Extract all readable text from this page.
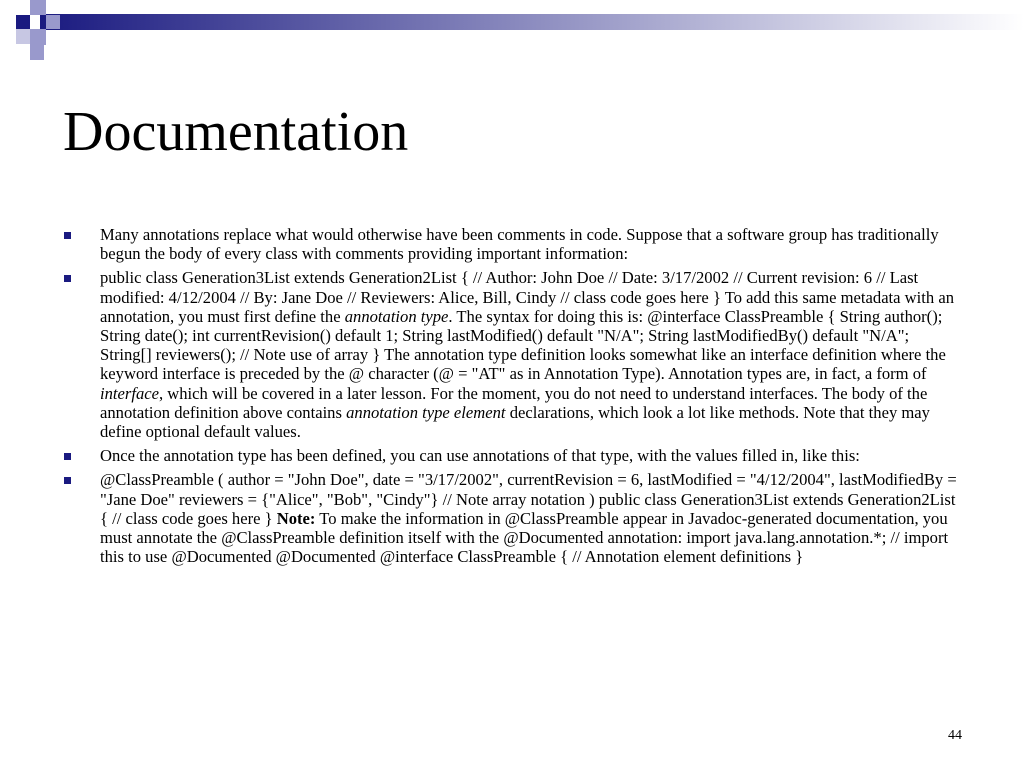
Documentation
Many annotations replace what would otherwise have been comments in code. Suppose that a software group has traditionally begun the body of every class with comments providing important information:
public class Generation3List extends Generation2List { // Author: John Doe // Date: 3/17/2002 // Current revision: 6 // Last modified: 4/12/2004 // By: Jane Doe // Reviewers: Alice, Bill, Cindy // class code goes here } To add this same metadata with an annotation, you must first define the annotation type. The syntax for doing this is: @interface ClassPreamble { String author(); String date(); int currentRevision() default 1; String lastModified() default "N/A"; String lastModifiedBy() default "N/A"; String[] reviewers(); // Note use of array } The annotation type definition looks somewhat like an interface definition where the keyword interface is preceded by the @ character (@ = "AT" as in Annotation Type). Annotation types are, in fact, a form of interface, which will be covered in a later lesson. For the moment, you do not need to understand interfaces. The body of the annotation definition above contains annotation type element declarations, which look a lot like methods. Note that they may define optional default values.
Once the annotation type has been defined, you can use annotations of that type, with the values filled in, like this:
@ClassPreamble ( author = "John Doe", date = "3/17/2002", currentRevision = 6, lastModified = "4/12/2004", lastModifiedBy = "Jane Doe" reviewers = {"Alice", "Bob", "Cindy"} // Note array notation ) public class Generation3List extends Generation2List { // class code goes here } Note: To make the information in @ClassPreamble appear in Javadoc-generated documentation, you must annotate the @ClassPreamble definition itself with the @Documented annotation: import java.lang.annotation.*; // import this to use @Documented @Documented @interface ClassPreamble { // Annotation element definitions }
44
